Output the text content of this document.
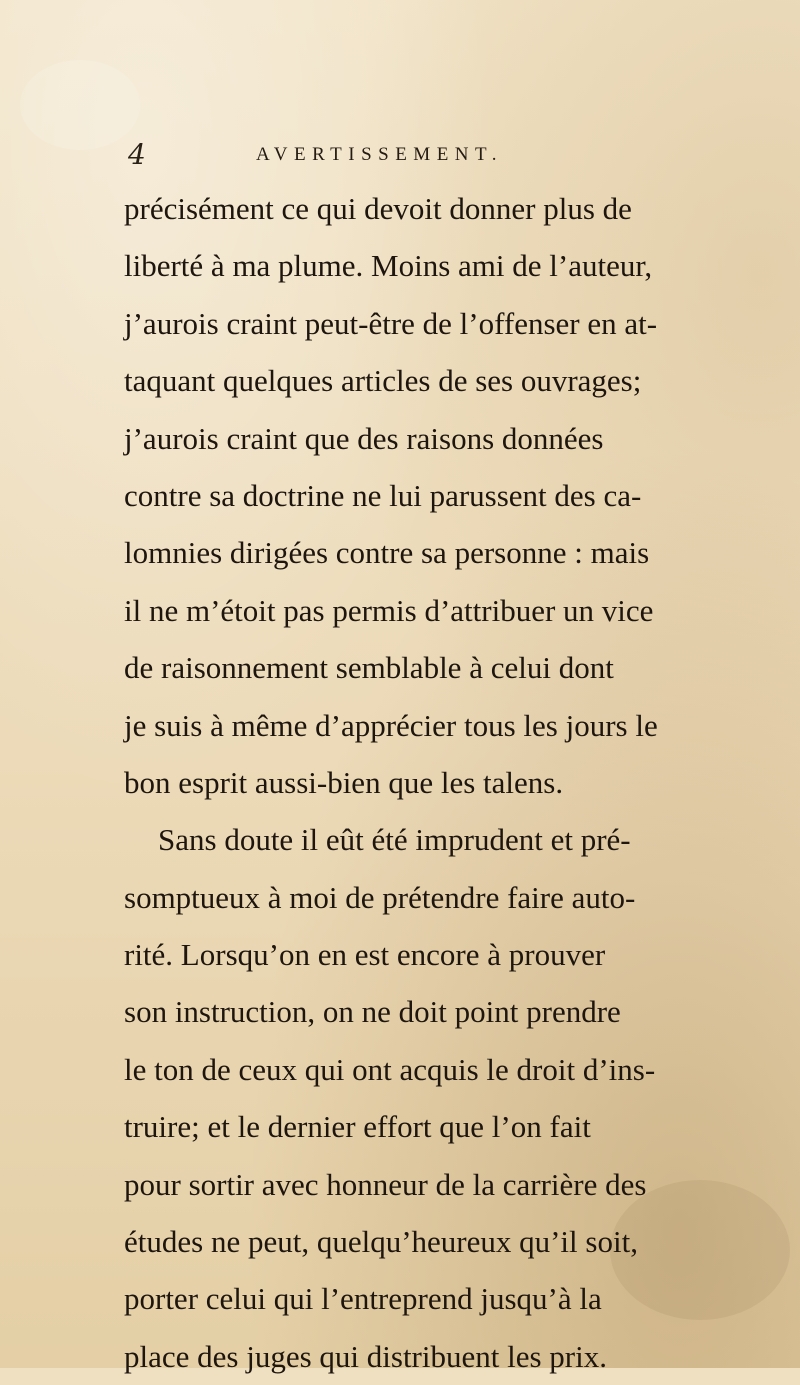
4	AVERTISSEMENT.
précisément ce qui devoit donner plus de
liberté à ma plume. Moins ami de l’auteur,
j’aurois craint peut-être de l’offenser en at-
taquant quelques articles de ses ouvrages;
j’aurois craint que des raisons données
contre sa doctrine ne lui parussent des ca-
lomnies dirigées contre sa personne : mais
il ne m’étoit pas permis d’attribuer un vice
de raisonnement semblable à celui dont
je suis à même d’apprécier tous les jours le
bon esprit aussi-bien que les talens.
Sans doute il eût été imprudent et pré-
somptueux à moi de prétendre faire auto-
rité. Lorsqu’on en est encore à prouver
son instruction, on ne doit point prendre
le ton de ceux qui ont acquis le droit d’ins-
truire; et le dernier effort que l’on fait
pour sortir avec honneur de la carrière des
études ne peut, quelqu’heureux qu’il soit,
porter celui qui l’entreprend jusqu’à la
place des juges qui distribuent les prix.
